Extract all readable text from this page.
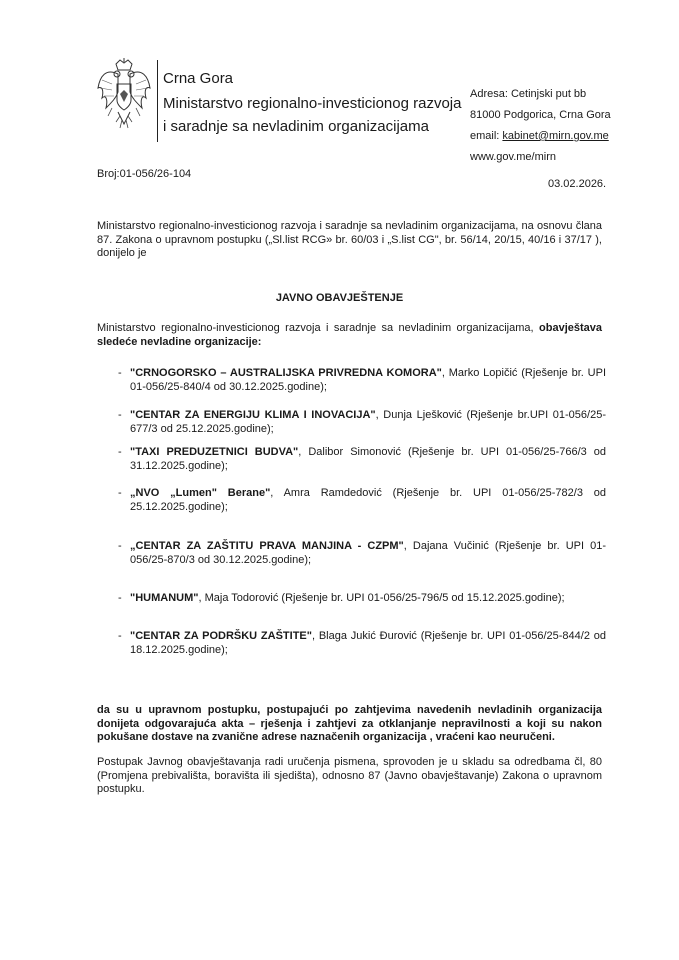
Crna Gora
Ministarstvo regionalno-investicionog razvoja
i saradnje sa nevladinim organizacijama
Adresa: Cetinjski put bb
81000 Podgorica, Crna Gora
email: kabinet@mirn.gov.me
www.gov.me/mirn
Broj:01-056/26-104
03.02.2026.
Ministarstvo regionalno-investicionog razvoja i saradnje sa nevladinim organizacijama, na osnovu člana 87. Zakona o upravnom postupku („Sl.list RCG» br. 60/03 i „S.list CG", br. 56/14, 20/15, 40/16 i 37/17 ), donijelo je
JAVNO OBAVJEŠTENJE
Ministarstvo regionalno-investicionog razvoja i saradnje sa nevladinim organizacijama, obavještava sledeće nevladine organizacije:
- "CRNOGORSKO – AUSTRALIJSKA PRIVREDNA KOMORA", Marko Lopičić (Rješenje br. UPI 01-056/25-840/4 od 30.12.2025.godine);
- "CENTAR ZA ENERGIJU KLIMA I INOVACIJA", Dunja Lješković (Rješenje br.UPI 01-056/25-677/3 od 25.12.2025.godine);
- "TAXI PREDUZETNICI BUDVA", Dalibor Simonović (Rješenje br. UPI 01-056/25-766/3 od 31.12.2025.godine);
- „NVO „Lumen" Berane", Amra Ramdedović (Rješenje br. UPI 01-056/25-782/3 od 25.12.2025.godine);
- „CENTAR ZA ZAŠTITU PRAVA MANJINA - CZPM", Dajana Vučinić (Rješenje br. UPI 01-056/25-870/3 od 30.12.2025.godine);
- "HUMANUM", Maja Todorović (Rješenje br. UPI 01-056/25-796/5 od 15.12.2025.godine);
- "CENTAR ZA PODRŠKU ZAŠTITE", Blaga Jukić Đurović (Rješenje br. UPI 01-056/25-844/2 od 18.12.2025.godine);
da su u upravnom postupku, postupajući po zahtjevima navedenih nevladinih organizacija donijeta odgovarajuća akta – rješenja i zahtjevi za otklanjanje nepravilnosti a koji su nakon pokušane dostave na zvanične adrese naznačenih organizacija , vraćeni kao neuručeni.
Postupak Javnog obavještavanja radi uručenja pismena, sprovoden je u skladu sa odredbama čl, 80 (Promjena prebivališta, boravišta ili sjedišta), odnosno 87 (Javno obavještavanje) Zakona o upravnom postupku.
